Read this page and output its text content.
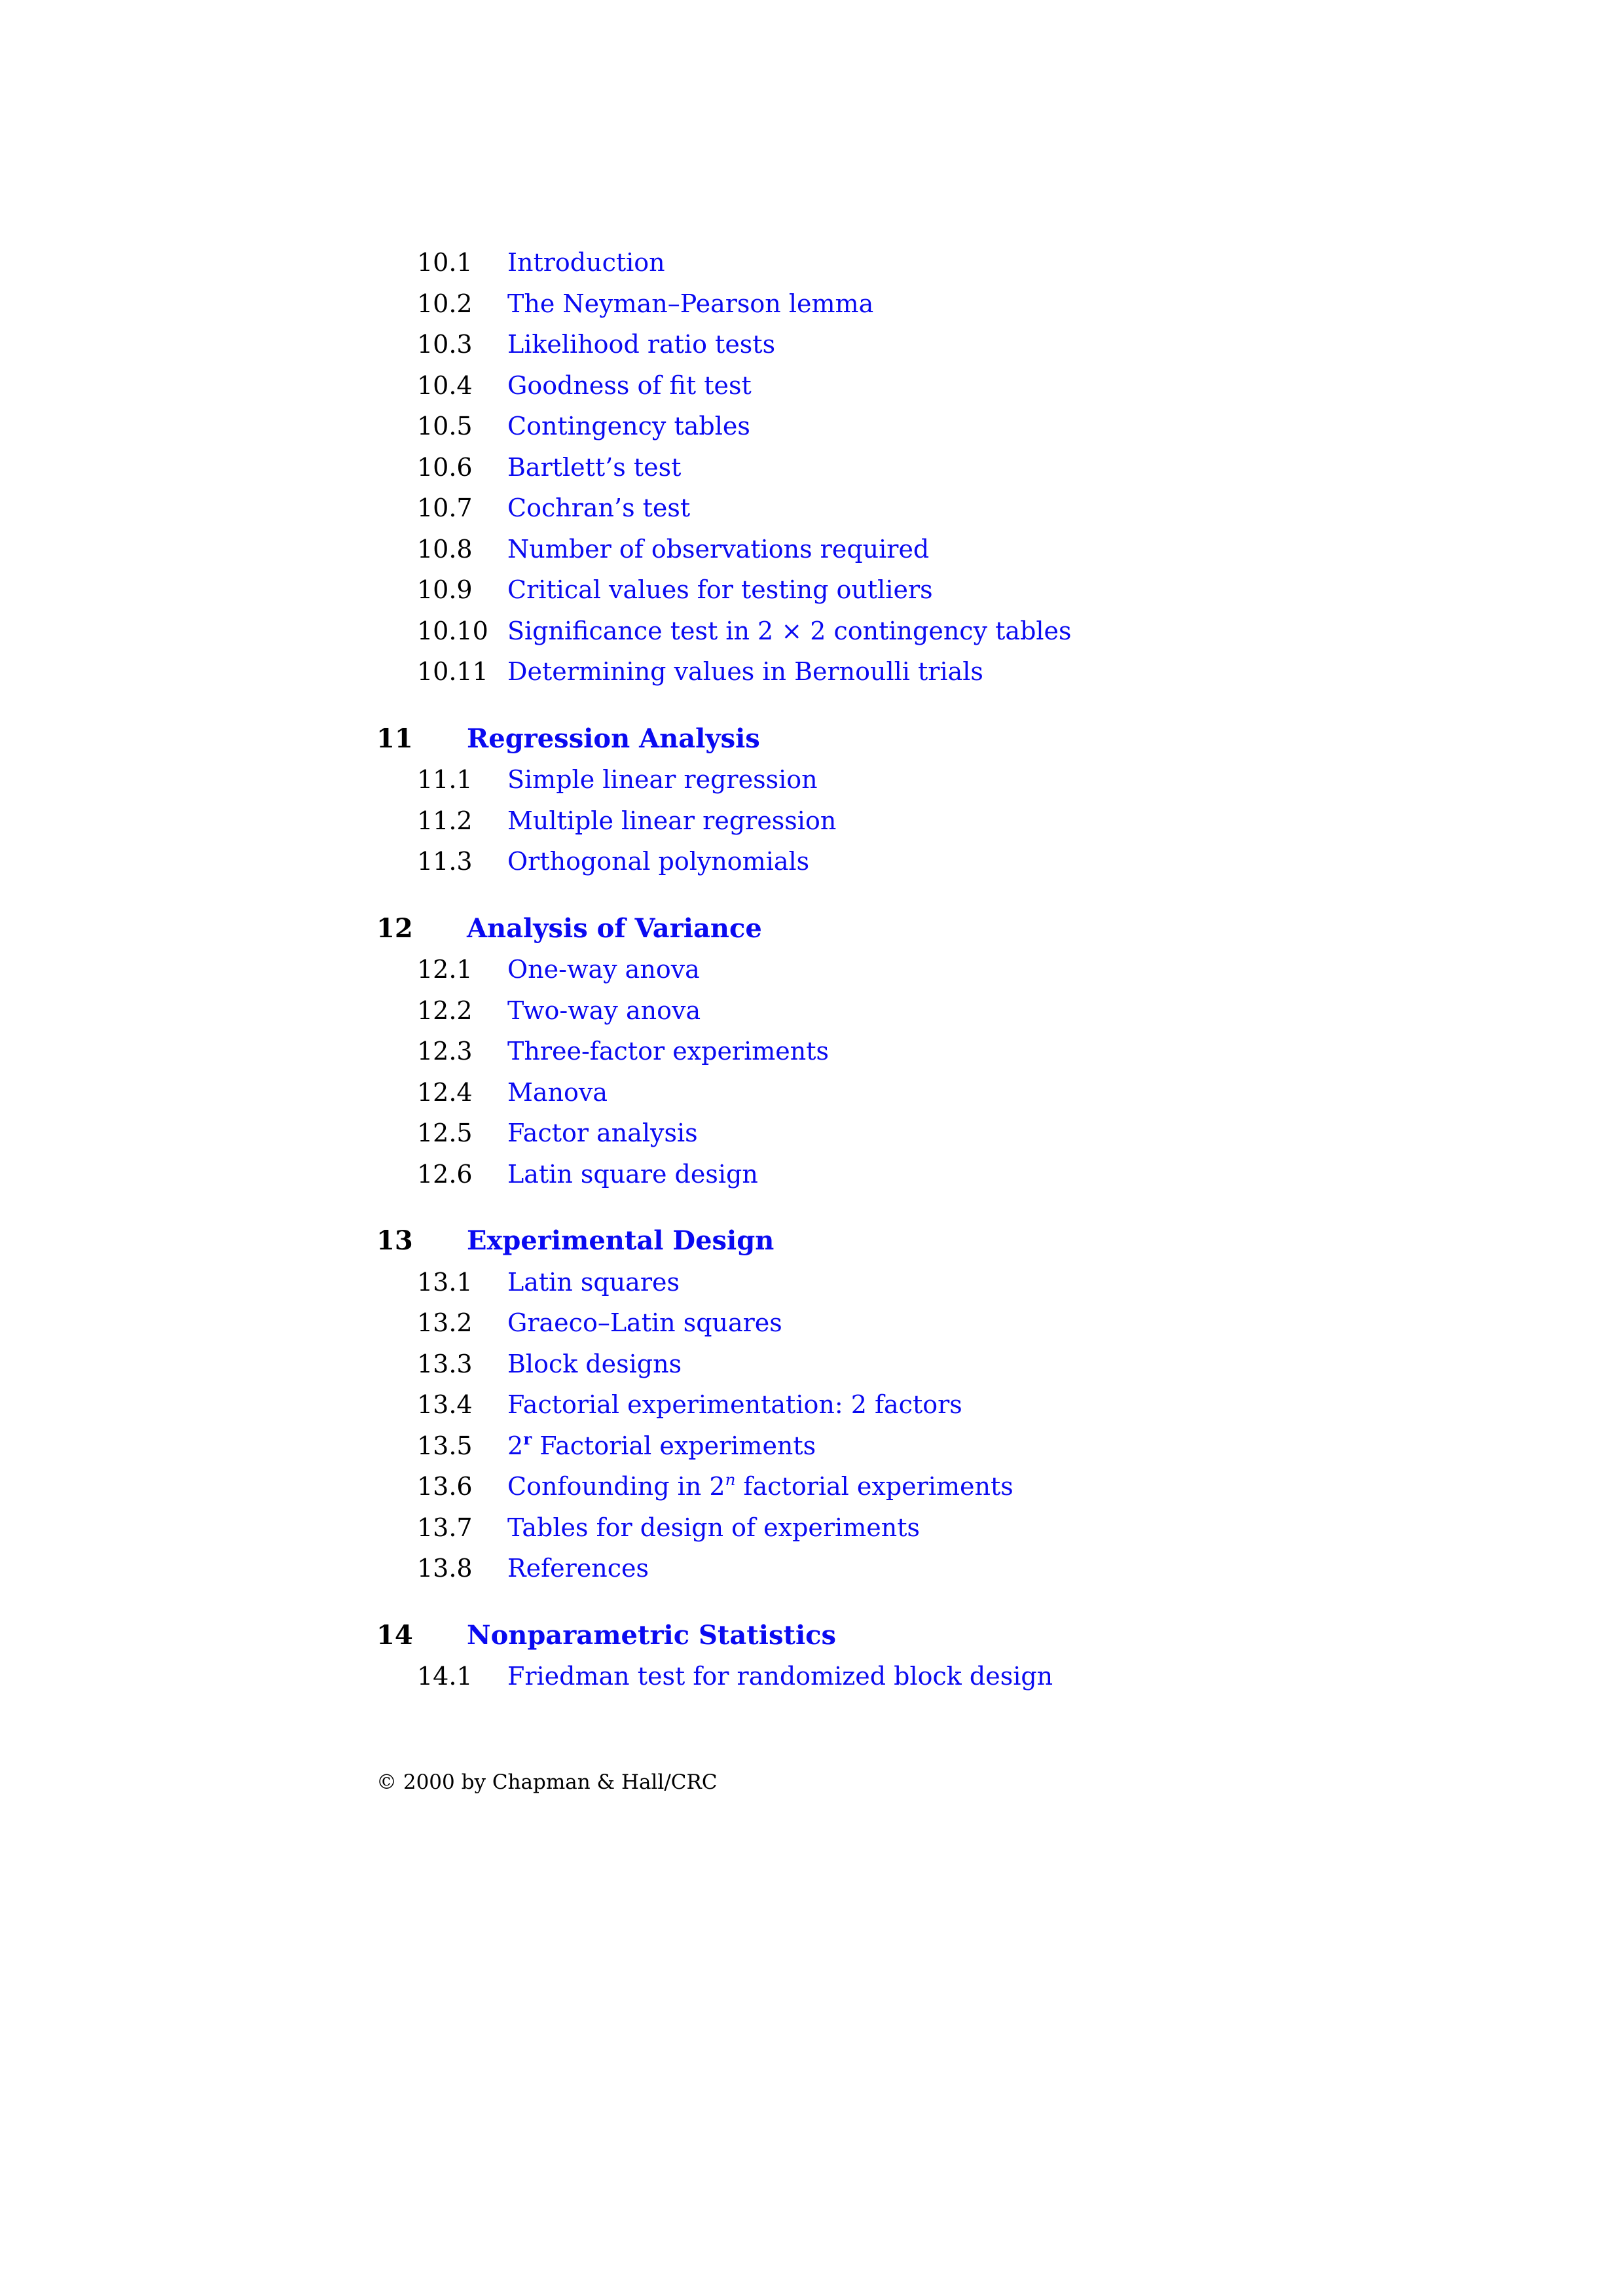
10.1 Introduction
10.2 The Neyman–Pearson lemma
10.3 Likelihood ratio tests
10.4 Goodness of fit test
10.5 Contingency tables
10.6 Bartlett’s test
10.7 Cochran’s test
10.8 Number of observations required
10.9 Critical values for testing outliers
10.10 Significance test in 2 × 2 contingency tables
10.11 Determining values in Bernoulli trials
11 Regression Analysis
11.1 Simple linear regression
11.2 Multiple linear regression
11.3 Orthogonal polynomials
12 Analysis of Variance
12.1 One-way anova
12.2 Two-way anova
12.3 Three-factor experiments
12.4 Manova
12.5 Factor analysis
12.6 Latin square design
13 Experimental Design
13.1 Latin squares
13.2 Graeco–Latin squares
13.3 Block designs
13.4 Factorial experimentation: 2 factors
13.5 2$^r$ Factorial experiments
13.6 Confounding in 2$^n$ factorial experiments
13.7 Tables for design of experiments
13.8 References
14 Nonparametric Statistics
14.1 Friedman test for randomized block design
© 2000 by Chapman & Hall/CRC
